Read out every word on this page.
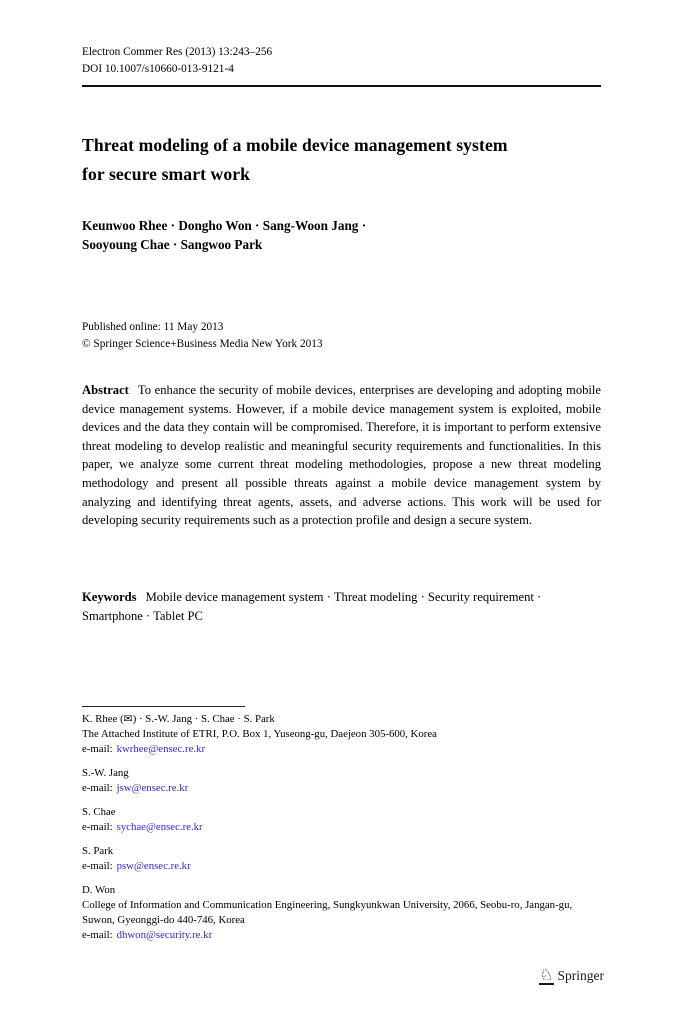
Electron Commer Res (2013) 13:243–256
DOI 10.1007/s10660-013-9121-4
Threat modeling of a mobile device management system
for secure smart work
Keunwoo Rhee · Dongho Won · Sang-Woon Jang ·
Sooyoung Chae · Sangwoo Park
Published online: 11 May 2013
© Springer Science+Business Media New York 2013
Abstract To enhance the security of mobile devices, enterprises are developing and adopting mobile device management systems. However, if a mobile device management system is exploited, mobile devices and the data they contain will be compromised. Therefore, it is important to perform extensive threat modeling to develop realistic and meaningful security requirements and functionalities. In this paper, we analyze some current threat modeling methodologies, propose a new threat modeling methodology and present all possible threats against a mobile device management system by analyzing and identifying threat agents, assets, and adverse actions. This work will be used for developing security requirements such as a protection profile and design a secure system.
Keywords Mobile device management system · Threat modeling · Security requirement · Smartphone · Tablet PC
K. Rhee (✉) · S.-W. Jang · S. Chae · S. Park
The Attached Institute of ETRI, P.O. Box 1, Yuseong-gu, Daejeon 305-600, Korea
e-mail: kwrhee@ensec.re.kr
S.-W. Jang
e-mail: jsw@ensec.re.kr
S. Chae
e-mail: sychae@ensec.re.kr
S. Park
e-mail: psw@ensec.re.kr
D. Won
College of Information and Communication Engineering, Sungkyunkwan University, 2066, Seobu-ro, Jangan-gu, Suwon, Gyeonggi-do 440-746, Korea
e-mail: dhwon@security.re.kr
♘ Springer
